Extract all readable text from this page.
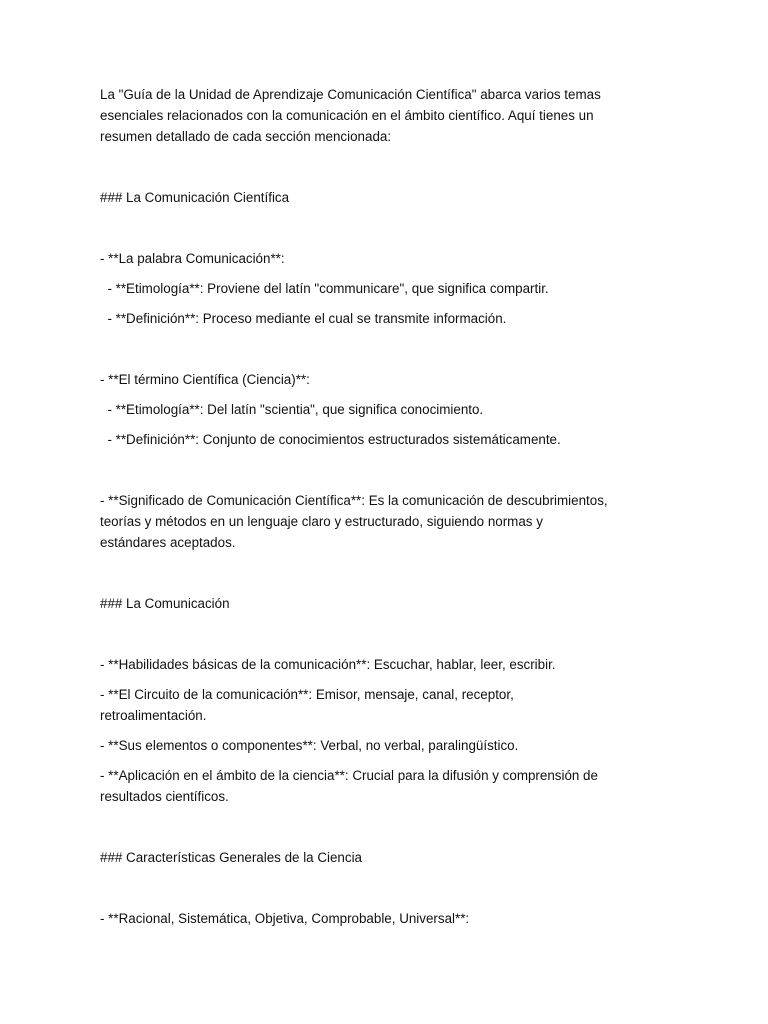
La "Guía de la Unidad de Aprendizaje Comunicación Científica" abarca varios temas esenciales relacionados con la comunicación en el ámbito científico. Aquí tienes un resumen detallado de cada sección mencionada:

### La Comunicación Científica

- **La palabra Comunicación**:

- **Etimología**: Proviene del latín "communicare", que significa compartir.

- **Definición**: Proceso mediante el cual se transmite información.

- **El término Científica (Ciencia)**:

- **Etimología**: Del latín "scientia", que significa conocimiento.

- **Definición**: Conjunto de conocimientos estructurados sistemáticamente.

- **Significado de Comunicación Científica**: Es la comunicación de descubrimientos, teorías y métodos en un lenguaje claro y estructurado, siguiendo normas y estándares aceptados.

### La Comunicación

- **Habilidades básicas de la comunicación**: Escuchar, hablar, leer, escribir.

- **El Circuito de la comunicación**: Emisor, mensaje, canal, receptor, retroalimentación.

- **Sus elementos o componentes**: Verbal, no verbal, paralingüístico.

- **Aplicación en el ámbito de la ciencia**: Crucial para la difusión y comprensión de resultados científicos.

### Características Generales de la Ciencia

- **Racional, Sistemática, Objetiva, Comprobable, Universal**:
